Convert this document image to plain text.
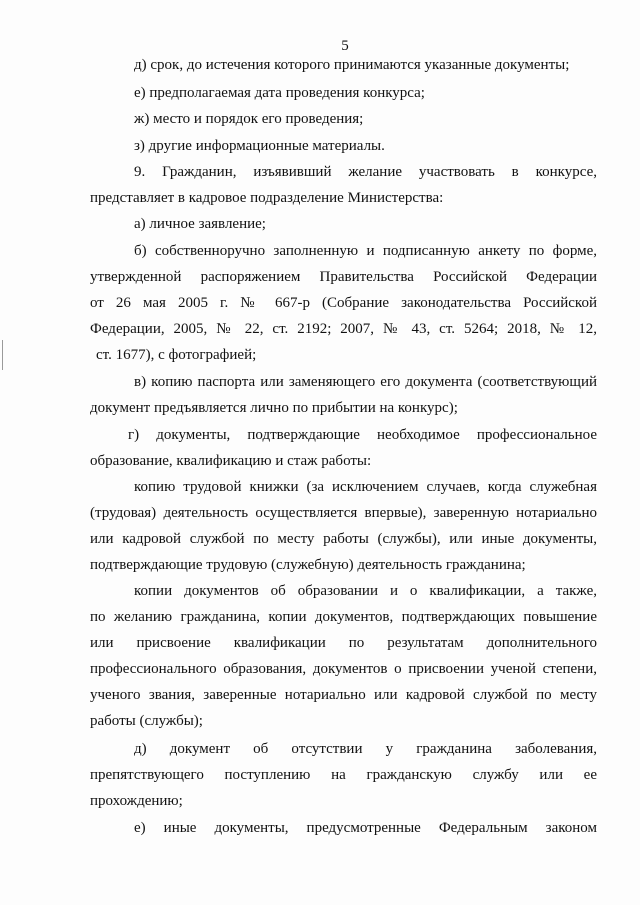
5
д) срок, до истечения которого принимаются указанные документы;
е) предполагаемая дата проведения конкурса;
ж) место и порядок его проведения;
з) другие информационные материалы.
9. Гражданин, изъявивший желание участвовать в конкурсе,
представляет в кадровое подразделение Министерства:
а) личное заявление;
б) собственноручно заполненную и подписанную анкету по форме,
утвержденной распоряжением Правительства Российской Федерации
от 26 мая 2005 г. № 667-р (Собрание законодательства Российской
Федерации, 2005, № 22, ст. 2192; 2007, № 43, ст. 5264; 2018, № 12,
ст. 1677), с фотографией;
в) копию паспорта или заменяющего его документа (соответствующий
документ предъявляется лично по прибытии на конкурс);
г) документы, подтверждающие необходимое профессиональное
образование, квалификацию и стаж работы:
копию трудовой книжки (за исключением случаев, когда служебная
(трудовая) деятельность осуществляется впервые), заверенную нотариально
или кадровой службой по месту работы (службы), или иные документы,
подтверждающие трудовую (служебную) деятельность гражданина;
копии документов об образовании и о квалификации, а также,
по желанию гражданина, копии документов, подтверждающих повышение
или присвоение квалификации по результатам дополнительного
профессионального образования, документов о присвоении ученой степени,
ученого звания, заверенные нотариально или кадровой службой по месту
работы (службы);
д) документ об отсутствии у гражданина заболевания,
препятствующего поступлению на гражданскую службу или ее
прохождению;
е) иные документы, предусмотренные Федеральным законом
